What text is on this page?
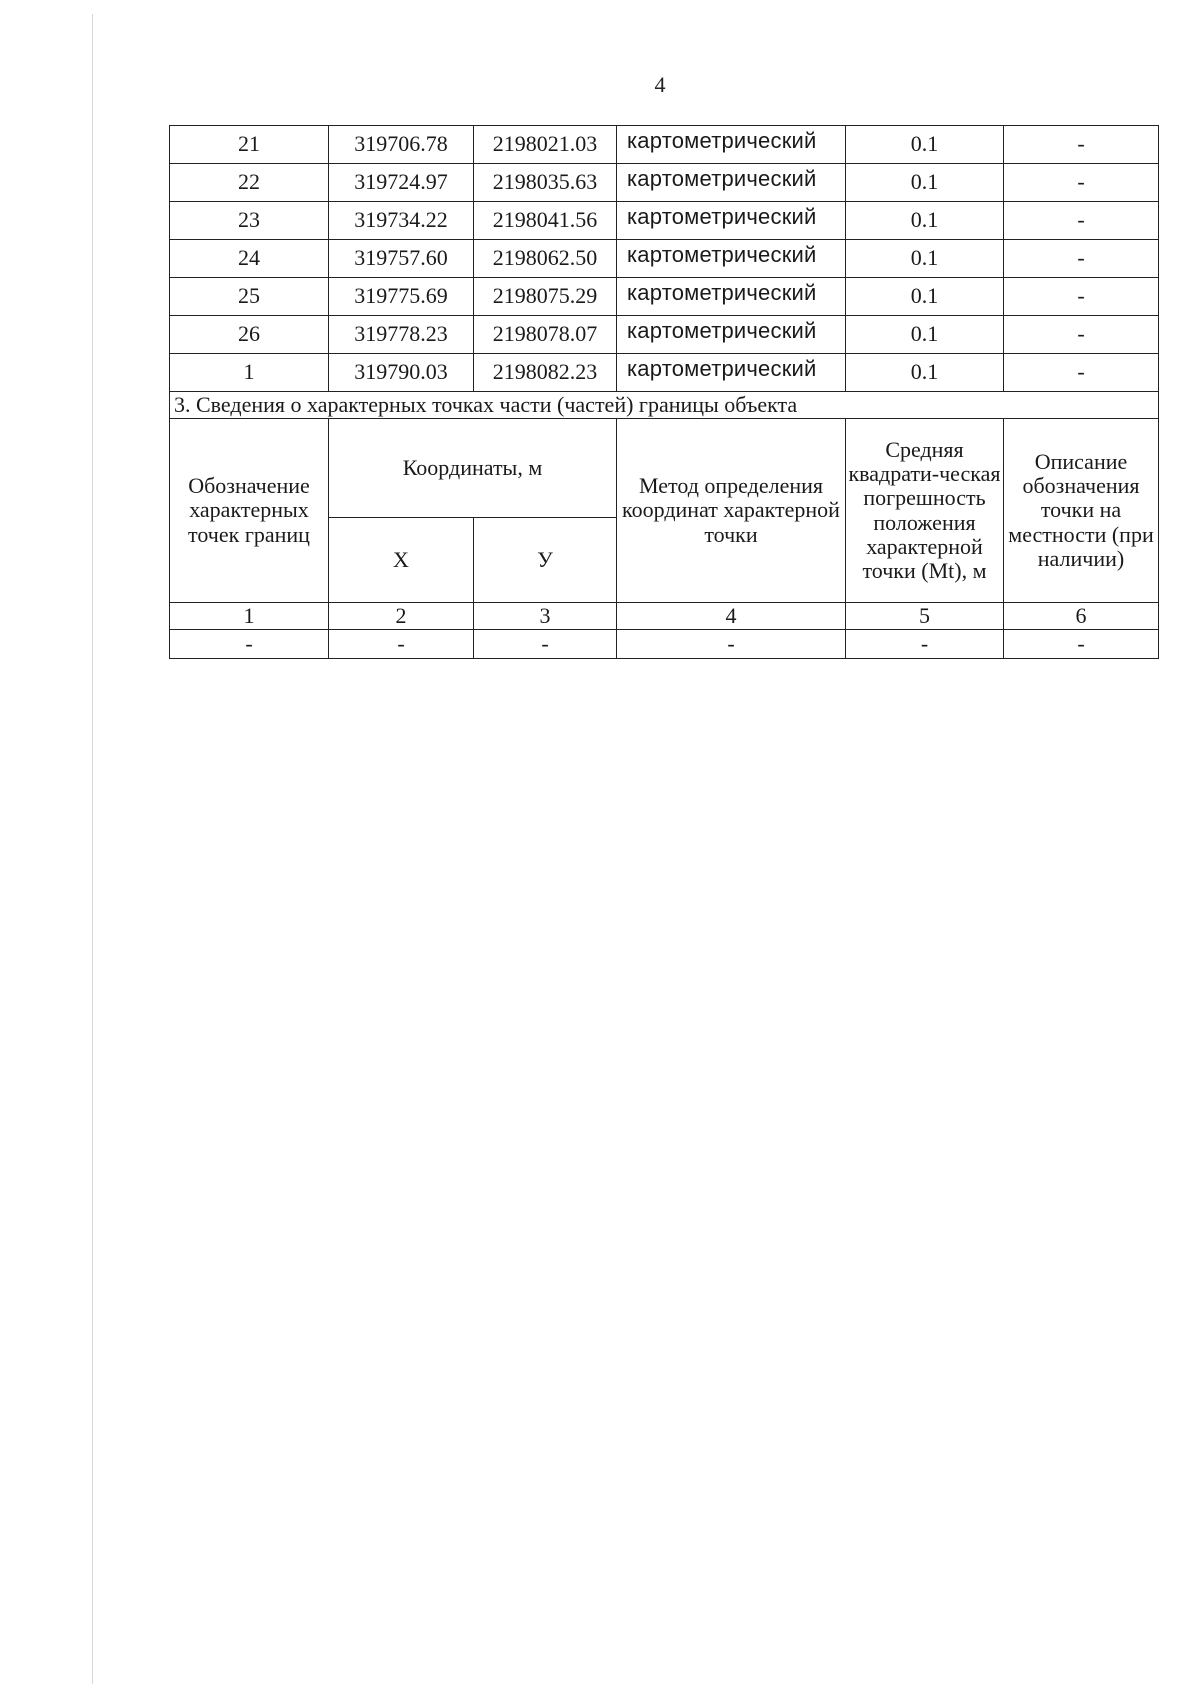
4
21	319706.78	2198021.03	картометрический	0.1	-
22	319724.97	2198035.63	картометрический	0.1	-
23	319734.22	2198041.56	картометрический	0.1	-
24	319757.60	2198062.50	картометрический	0.1	-
25	319775.69	2198075.29	картометрический	0.1	-
26	319778.23	2198078.07	картометрический	0.1	-
1	319790.03	2198082.23	картометрический	0.1	-
3. Сведения о характерных точках части (частей) границы объекта					
Обозначение характерных точек границ	Координаты, м		Метод определения координат характерной точки	Средняя квадрати-ческая погрешность положения характерной точки (Mt), м	Описание обозначения точки на местности (при наличии)
	X	У			
1	2	3	4	5	6
-	-	-	-	-	-
